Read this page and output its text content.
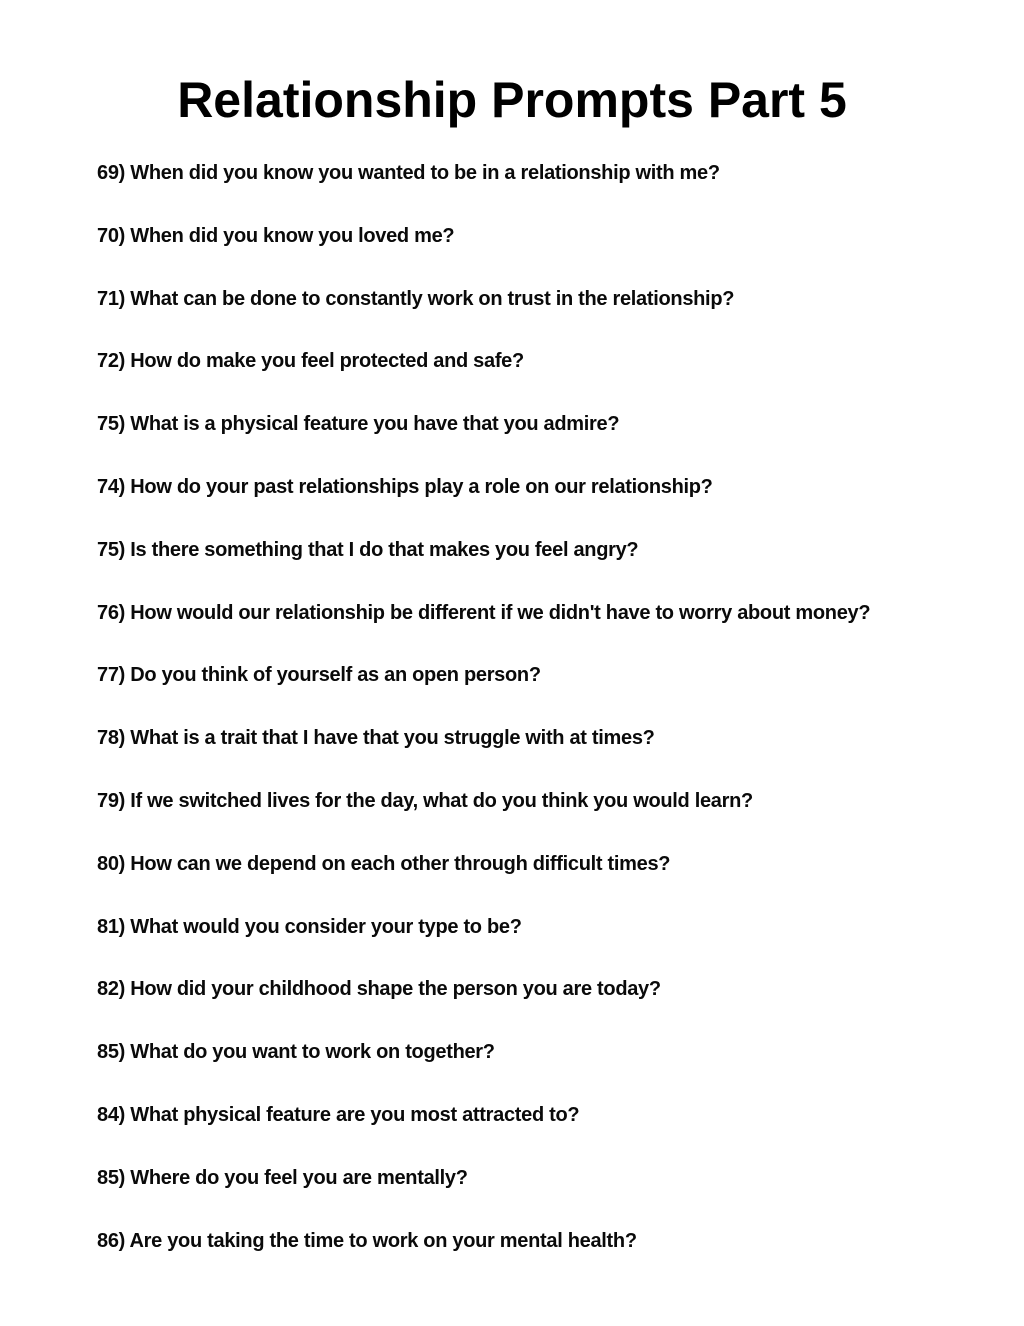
Relationship Prompts Part 5
69) When did you know you wanted to be in a relationship with me?
70) When did you know you loved me?
71) What can be done to constantly work on trust in the relationship?
72) How do make you feel protected and safe?
75) What is a physical feature you have that you admire?
74) How do your past relationships play a role on our relationship?
75) Is there something that I do that makes you feel angry?
76) How would our relationship be different if we didn't have to worry about money?
77) Do you think of yourself as an open person?
78) What is a trait that I have that you struggle with at times?
79) If we switched lives for the day, what do you think you would learn?
80) How can we depend on each other through difficult times?
81) What would you consider your type to be?
82) How did your childhood shape the person you are today?
85) What do you want to work on together?
84) What physical feature are you most attracted to?
85) Where do you feel you are mentally?
86) Are you taking the time to work on your mental health?
